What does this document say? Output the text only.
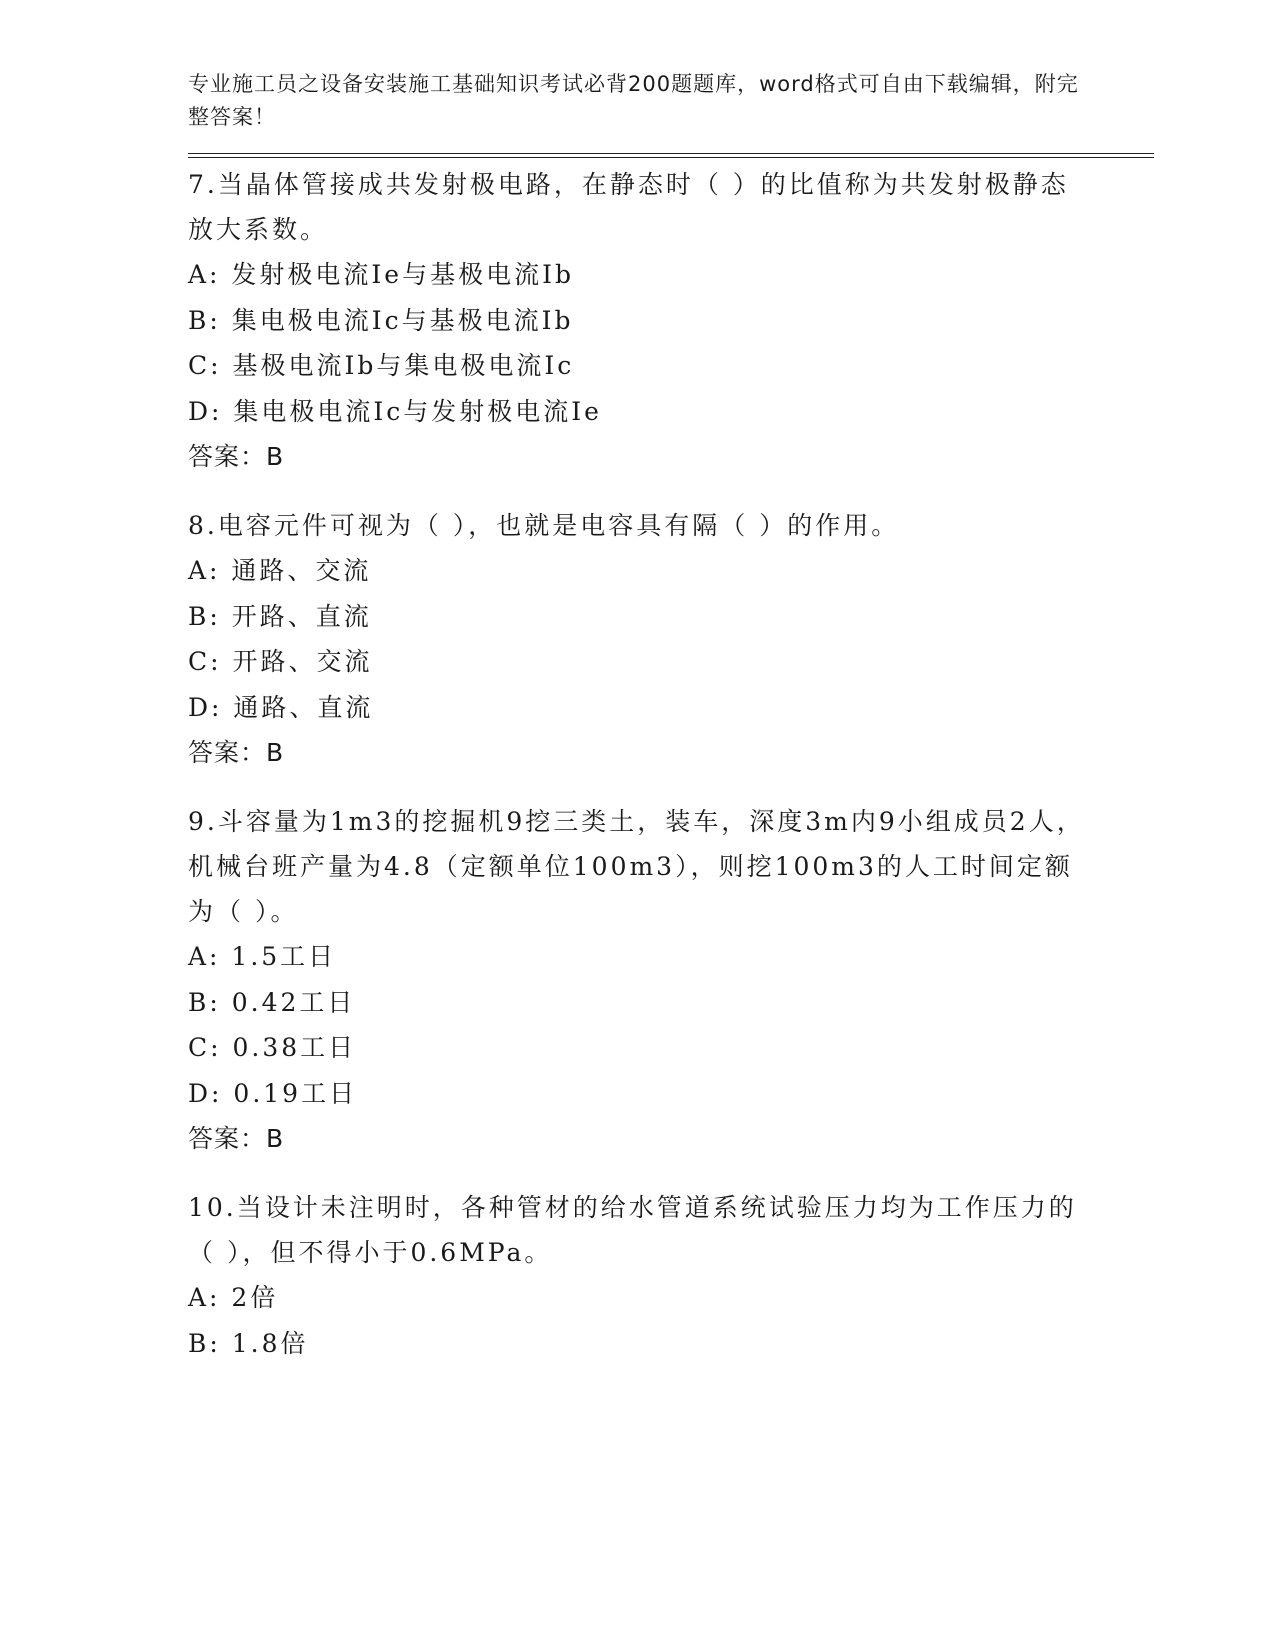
专业施工员之设备安装施工基础知识考试必背200题题库，word格式可自由下载编辑，附完整答案！
7.当晶体管接成共发射极电路，在静态时（ ）的比值称为共发射极静态放大系数。
A: 发射极电流Ie与基极电流Ib
B: 集电极电流Ic与基极电流Ib
C: 基极电流Ib与集电极电流Ic
D: 集电极电流Ic与发射极电流Ie
答案：B
8.电容元件可视为（ ），也就是电容具有隔（ ）的作用。
A: 通路、交流
B: 开路、直流
C: 开路、交流
D: 通路、直流
答案：B
9.斗容量为1m3的挖掘机9挖三类土，装车，深度3m内9小组成员2人，机械台班产量为4.8（定额单位100m3），则挖100m3的人工时间定额为（ ）。
A: 1.5工日
B: 0.42工日
C: 0.38工日
D: 0.19工日
答案：B
10.当设计未注明时，各种管材的给水管道系统试验压力均为工作压力的（ ），但不得小于0.6MPa。
A: 2倍
B: 1.8倍
